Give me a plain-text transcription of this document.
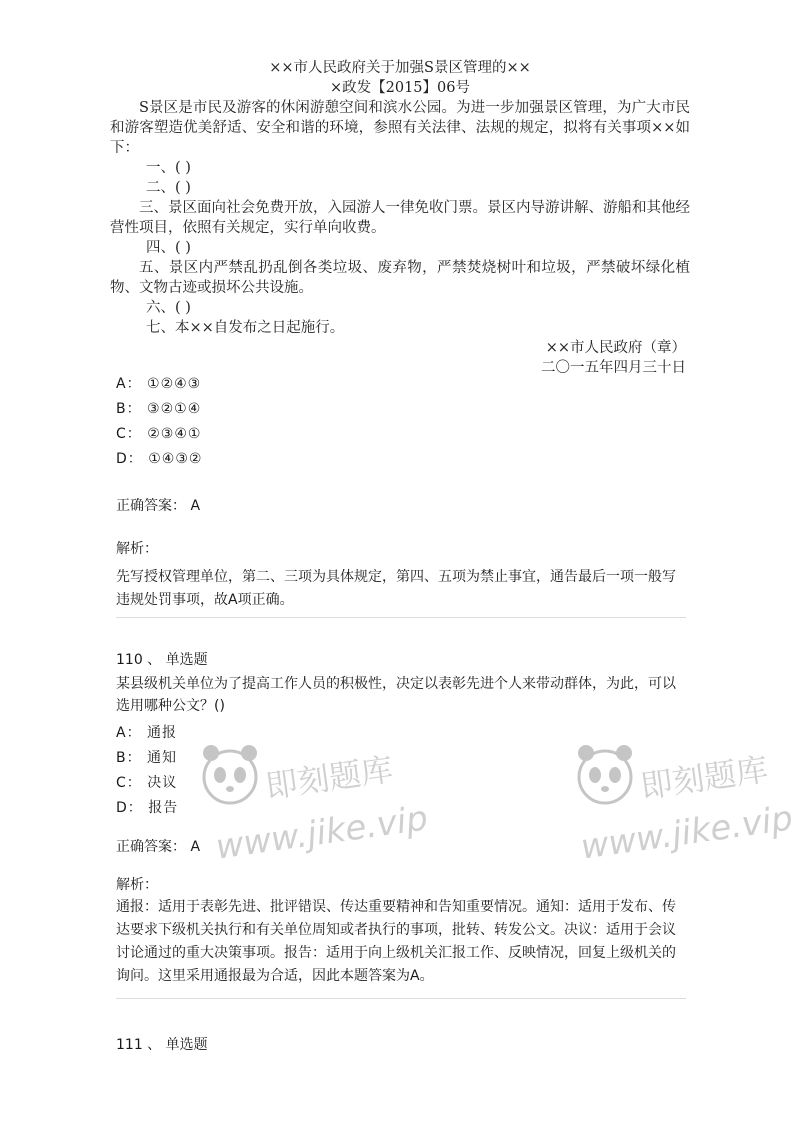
××市人民政府关于加强S景区管理的××
×政发【2015】06号

S景区是市民及游客的休闲游憩空间和滨水公园。为进一步加强景区管理，为广大市民和游客塑造优美舒适、安全和谐的环境，参照有关法律、法规的规定，拟将有关事项××如下：

一、( )
二、( )

三、景区面向社会免费开放，入园游人一律免收门票。景区内导游讲解、游船和其他经营性项目，依照有关规定，实行单向收费。

四、( )

五、景区内严禁乱扔乱倒各类垃圾、废弃物，严禁焚烧树叶和垃圾，严禁破坏绿化植物、文物古迹或损坏公共设施。

六、( )
七、本××自发布之日起施行。
××市人民政府（章）
二〇一五年四月三十日
A： ①②④③
B： ③②①④
C： ②③④①
D： ①④③②
正确答案： A
解析：

先写授权管理单位，第二、三项为具体规定，第四、五项为禁止事宜，通告最后一项一般写违规处罚事项，故A项正确。

110 、 单选题

某县级机关单位为了提高工作人员的积极性，决定以表彰先进个人来带动群体，为此，可以选用哪种公文？()

A： 通报
B： 通知
C： 决议
D： 报告
正确答案： A
解析：

通报：适用于表彰先进、批评错误、传达重要精神和告知重要情况。通知：适用于发布、传达要求下级机关执行和有关单位周知或者执行的事项，批转、转发公文。决议：适用于会议讨论通过的重大决策事项。报告：适用于向上级机关汇报工作、反映情况，回复上级机关的询问。这里采用通报最为合适，因此本题答案为A。

111 、 单选题
即刻题库
www.jike.vip
即刻题库
www.jike.vip
